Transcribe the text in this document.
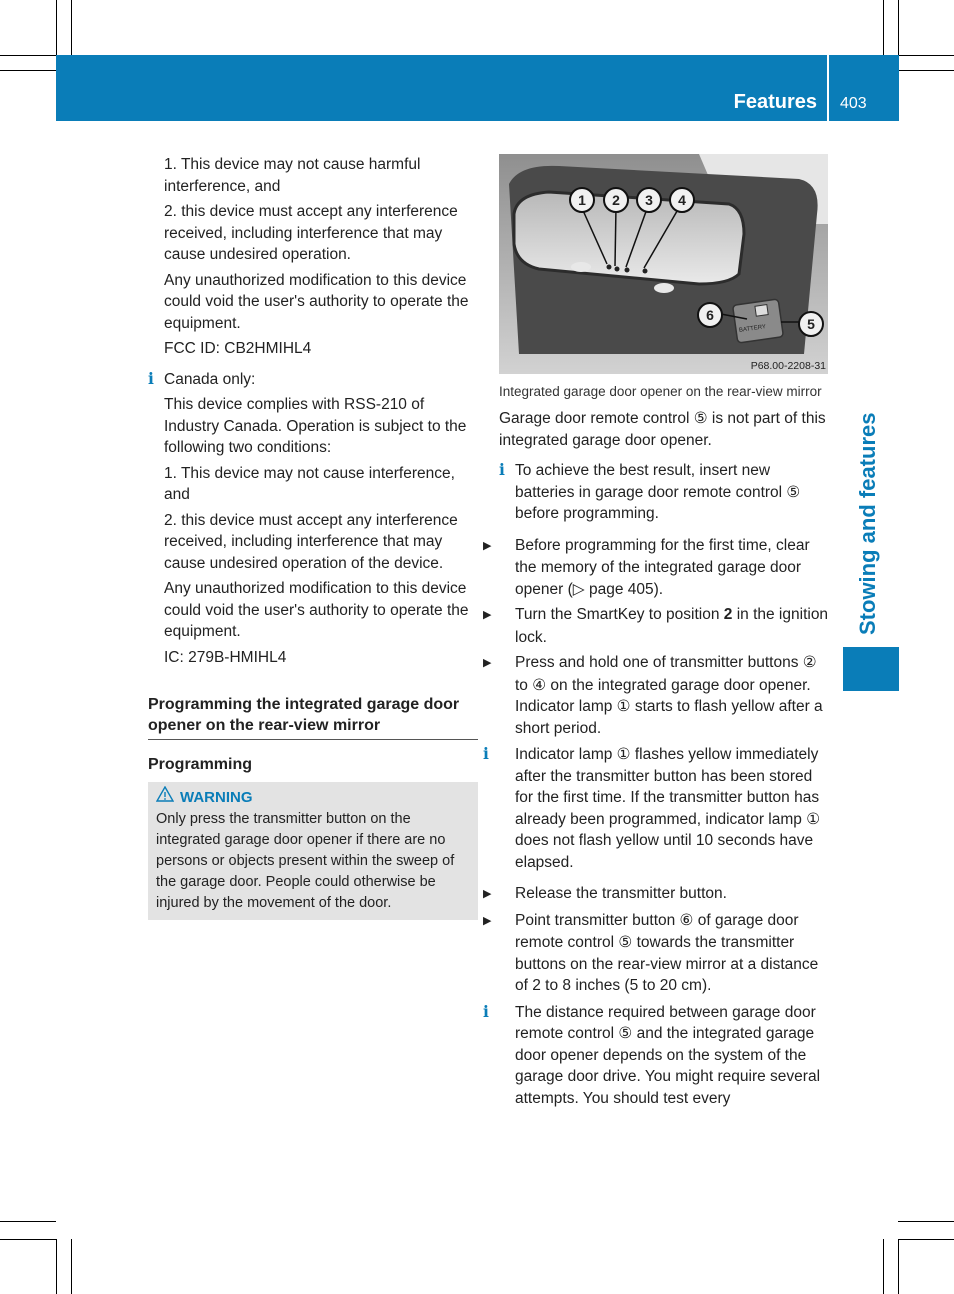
Features 403
Stowing and features

1. This device may not cause harmful interference, and

2. this device must accept any interference received, including interference that may cause undesired operation.

Any unauthorized modification to this device could void the user's authority to operate the equipment.

FCC ID: CB2HMIHL4

i Canada only:

This device complies with RSS-210 of Industry Canada. Operation is subject to the following two conditions:

1. This device may not cause interference, and

2. this device must accept any interference received, including interference that may cause undesired operation of the device.

Any unauthorized modification to this device could void the user's authority to operate the equipment.

IC: 279B-HMIHL4

Programming the integrated garage door opener on the rear-view mirror

Programming

WARNING
Only press the transmitter button on the integrated garage door opener if there are no persons or objects present within the sweep of the garage door. People could otherwise be injured by the movement of the door.
1	2	3	4
5
6
BATTERY
P68.00-2208-31

Integrated garage door opener on the rear-view mirror

Garage door remote control ⑤ is not part of this integrated garage door opener.

i To achieve the best result, insert new batteries in garage door remote control ⑤ before programming.

▶ Before programming for the first time, clear the memory of the integrated garage door opener (▷ page 405).

▶ Turn the SmartKey to position 2 in the ignition lock.

▶ Press and hold one of transmitter buttons ② to ④ on the integrated garage door opener.

Indicator lamp ① starts to flash yellow after a short period.

i Indicator lamp ① flashes yellow immediately after the transmitter button has been stored for the first time. If the transmitter button has already been programmed, indicator lamp ① does not flash yellow until 10 seconds have elapsed.

▶ Release the transmitter button.

▶ Point transmitter button ⑥ of garage door remote control ⑤ towards the transmitter buttons on the rear-view mirror at a distance of 2 to 8 inches (5 to 20 cm).

i The distance required between garage door remote control ⑤ and the integrated garage door opener depends on the system of the garage door drive. You might require several attempts. You should test every
